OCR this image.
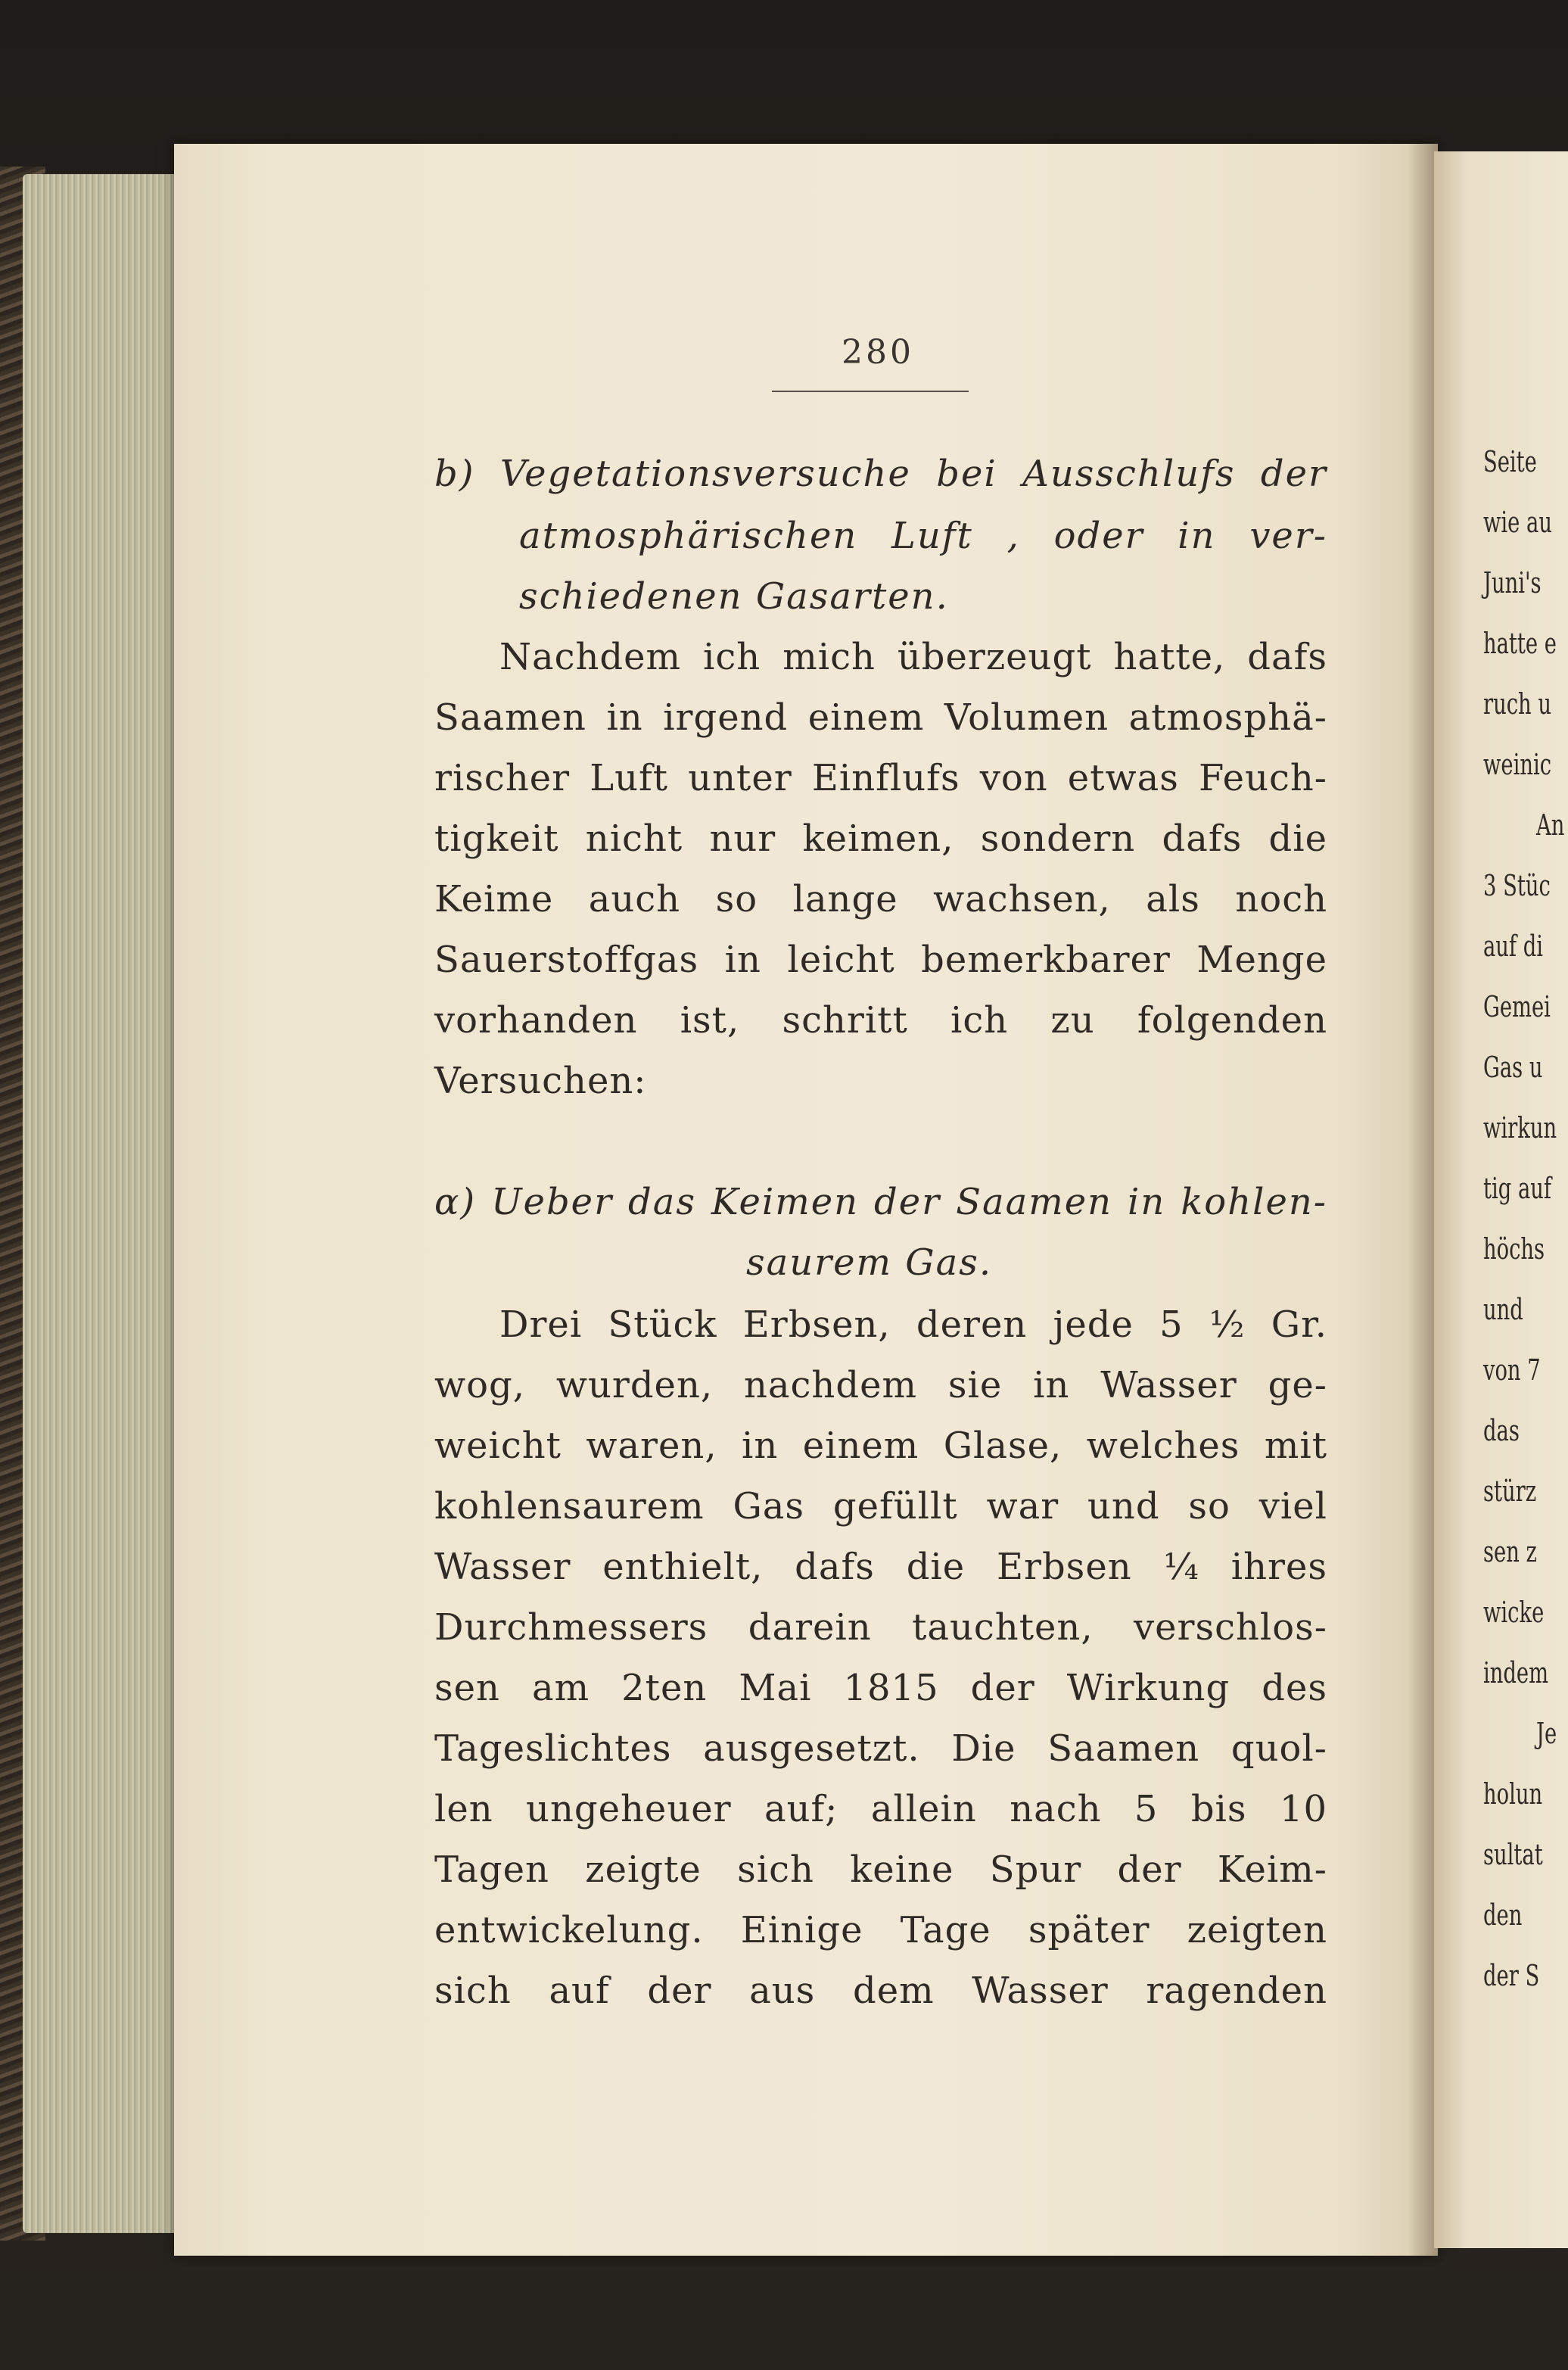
280
b) Vegetationsversuche bei Ausschlufs der
atmosphärischen Luft , oder in ver-
schiedenen Gasarten.
Nachdem ich mich überzeugt hatte, dafs
Saamen in irgend einem Volumen atmosphä-
rischer Luft unter Einflufs von etwas Feuch-
tigkeit nicht nur keimen, sondern dafs die
Keime auch so lange wachsen, als noch
Sauerstoffgas in leicht bemerkbarer Menge
vorhanden ist, schritt ich zu folgenden
Versuchen:
α) Ueber das Keimen der Saamen in kohlen-
saurem Gas.
Drei Stück Erbsen, deren jede 5 ½ Gr.
wog, wurden, nachdem sie in Wasser ge-
weicht waren, in einem Glase, welches mit
kohlensaurem Gas gefüllt war und so viel
Wasser enthielt, dafs die Erbsen ¼ ihres
Durchmessers darein tauchten, verschlos-
sen am 2ten Mai 1815 der Wirkung des
Tageslichtes ausgesetzt. Die Saamen quol-
len ungeheuer auf; allein nach 5 bis 10
Tagen zeigte sich keine Spur der Keim-
entwickelung. Einige Tage später zeigten
sich auf der aus dem Wasser ragenden
Seite
wie au
Juni's
hatte e
ruch u
weinic
An
3 Stüc
auf di
Gemei
Gas u
wirkun
tig auf
höchs
und
von 7
das
stürz
sen z
wicke
indem
Je
holun
sultat
den
der S
